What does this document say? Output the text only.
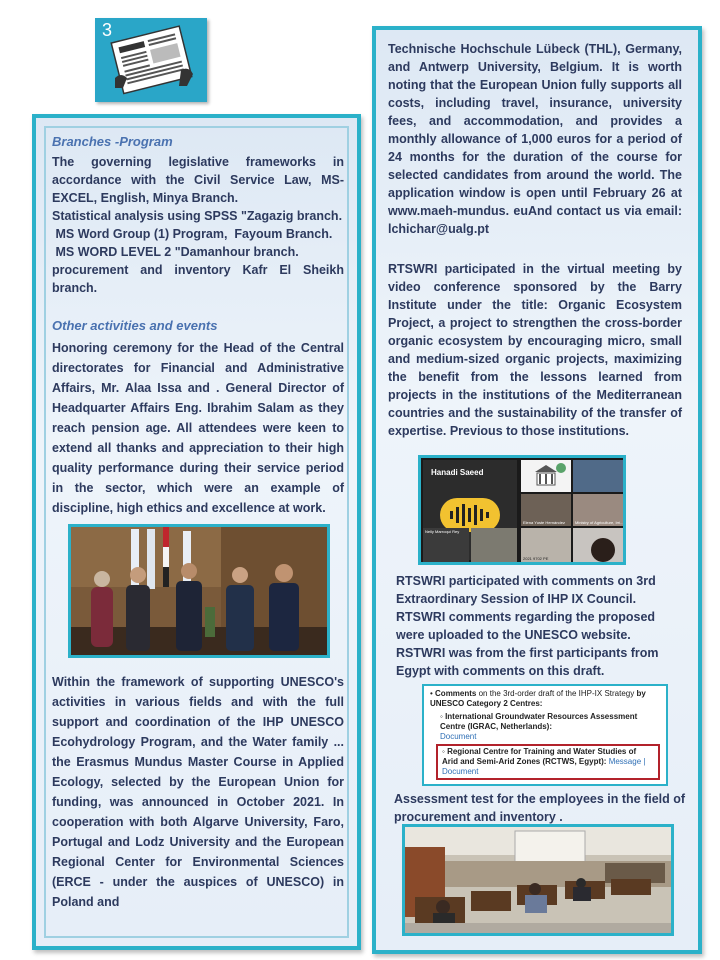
3

Branches -Program

The governing legislative frameworks in accordance with the Civil Service Law, MS-EXCEL, English, Minya Branch.

Statistical analysis using SPSS "Zagazig branch.

MS Word Group (1) Program,  Fayoum Branch.

MS WORD LEVEL 2 "Damanhour branch.

procurement and inventory Kafr El Sheikh branch.

Other activities and events

Honoring ceremony for the Head of the Central directorates for Financial and Administrative Affairs, Mr. Alaa Issa and . General Director of Headquarter Affairs Eng. Ibrahim Salam as they reach pension age. All attendees were keen to extend all thanks and appreciation to their high quality performance during their service period in the sector, which were an example of discipline, high ethics and excellence at work.

Within the framework of supporting UNESCO's activities in various fields and with the full support and coordination of the IHP UNESCO Ecohydrology Program, and the Water family ... the Erasmus Mundus Master Course in Applied Ecology, selected by the European Union for funding, was announced in October 2021. In cooperation with both Algarve University, Faro, Portugal and Lodz University and the European Regional Center for Environmental Sciences (ERCE - under the auspices of UNESCO) in Poland and

Technische Hochschule Lübeck (THL), Germany, and Antwerp University, Belgium. It is worth noting that the European Union fully supports all costs, including travel, insurance, university fees, and accommodation, and provides a monthly allowance of 1,000 euros for a period of 24 months for the duration of the course for selected candidates from around the world. The application window is open until February 26 at www.maeh-mundus. euAnd contact us via email: lchichar@ualg.pt

RTSWRI participated in the virtual meeting by video conference sponsored by the Barry Institute under the title: Organic Ecosystem Project, a project to strengthen the cross-border organic ecosystem by encouraging micro, small and medium-sized organic projects, maximizing the benefit from the lessons learned from projects in the institutions of the Mediterranean countries and the sustainability of the transfer of expertise. Previous to those institutions.

Hanadi Saeed
Elena Yuste Hernández	Ministry of Agriculture, Irri...
Nelly Marroquí Rey
2021 9702 PE

RTSWRI participated with comments on 3rd Extraordinary Session of IHP IX Council.

RTSWRI comments regarding the proposed were uploaded to the UNESCO website.

RSTWRI was from the first participants from Egypt with comments on this draft.

• Comments on the 3rd-order draft of the IHP-IX Strategy by UNESCO Category 2 Centres:
◦ International Groundwater Resources Assessment Centre (IGRAC, Netherlands):
Document
◦ Regional Centre for Training and Water Studies of Arid and Semi-Arid Zones (RCTWS, Egypt): Message | Document

Assessment test for the employees in the field of procurement and inventory .
